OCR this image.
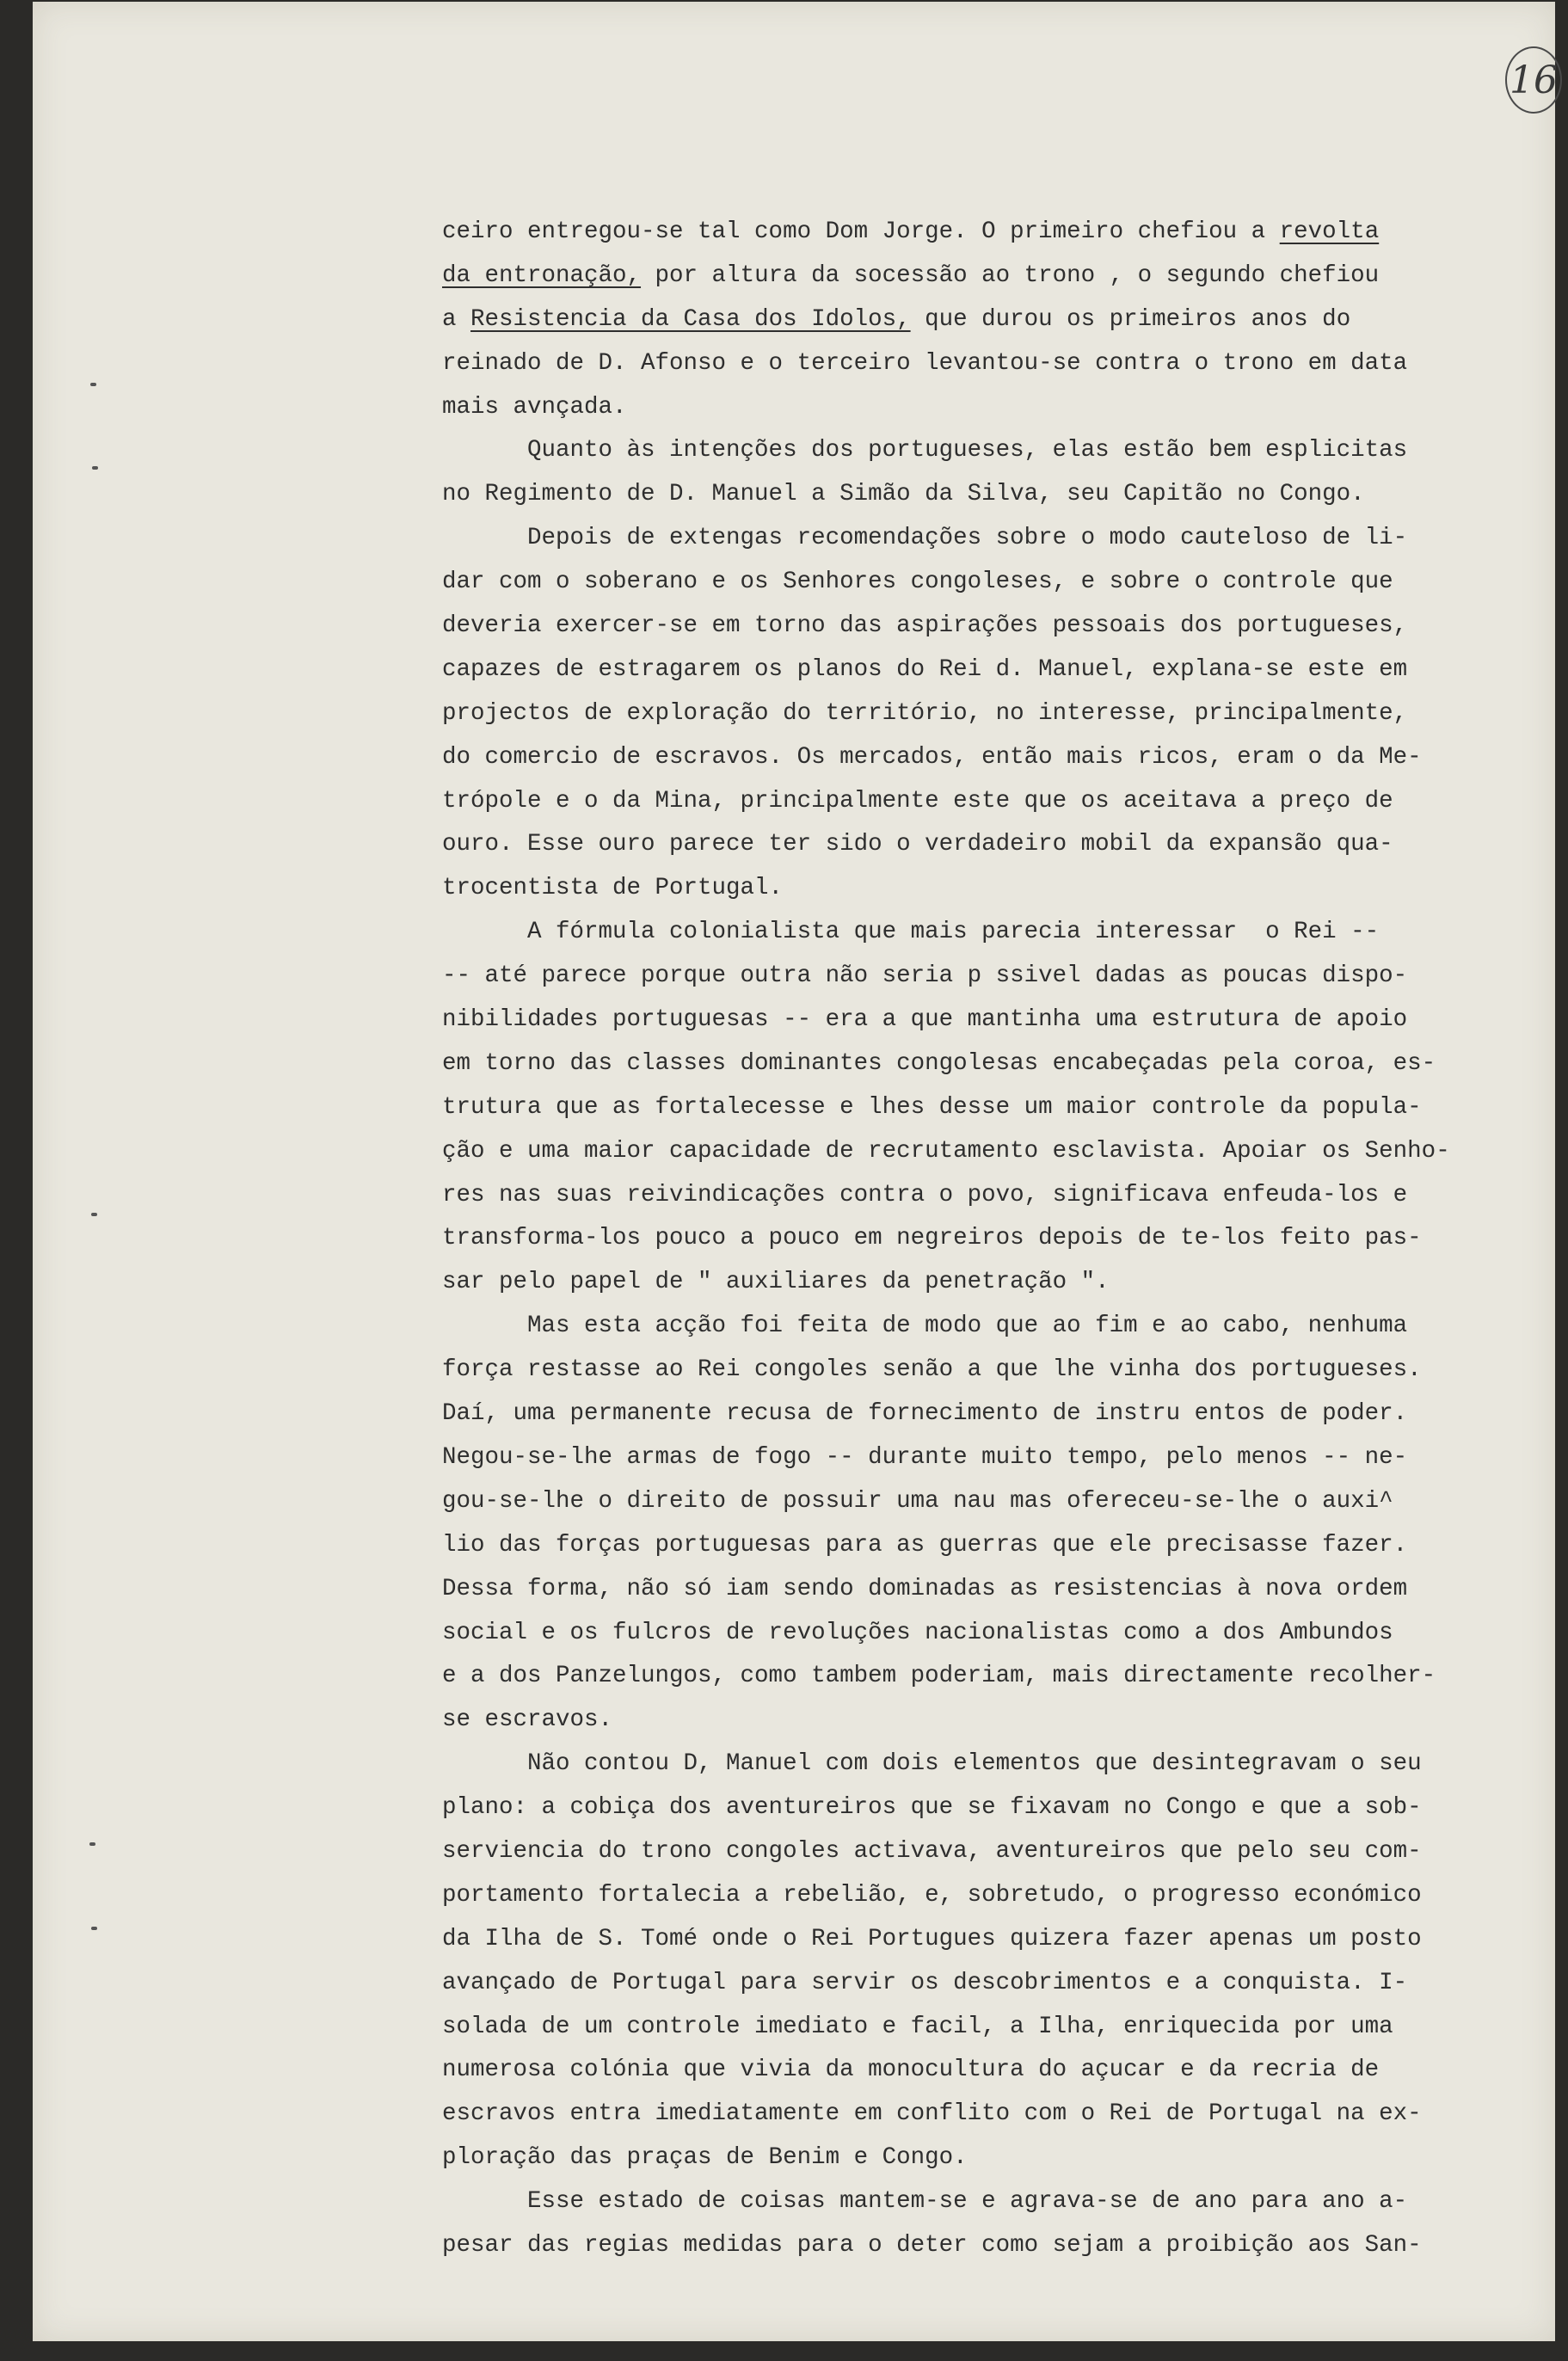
16
ceiro entregou-se tal como Dom Jorge. O primeiro chefiou a revolta
da entronação, por altura da socessão ao trono , o segundo chefiou
a Resistencia da Casa dos Idolos, que durou os primeiros anos do
reinado de D. Afonso e o terceiro levantou-se contra o trono em data
mais avnçada.
Quanto às intenções dos portugueses, elas estão bem esplicitas
no Regimento de D. Manuel a Simão da Silva, seu Capitão no Congo.
Depois de extengas recomendações sobre o modo cauteloso de li-
dar com o soberano e os Senhores congoleses, e sobre o controle que
deveria exercer-se em torno das aspirações pessoais dos portugueses,
capazes de estragarem os planos do Rei d. Manuel, explana-se este em
projectos de exploração do território, no interesse, principalmente,
do comercio de escravos. Os mercados, então mais ricos, eram o da Me-
trópole e o da Mina, principalmente este que os aceitava a preço de
ouro. Esse ouro parece ter sido o verdadeiro mobil da expansão qua-
trocentista de Portugal.
A fórmula colonialista que mais parecia interessar  o Rei --
-- até parece porque outra não seria p ssivel dadas as poucas dispo-
nibilidades portuguesas -- era a que mantinha uma estrutura de apoio
em torno das classes dominantes congolesas encabeçadas pela coroa, es-
trutura que as fortalecesse e lhes desse um maior controle da popula-
ção e uma maior capacidade de recrutamento esclavista. Apoiar os Senho-
res nas suas reivindicações contra o povo, significava enfeuda-los e
transforma-los pouco a pouco em negreiros depois de te-los feito pas-
sar pelo papel de " auxiliares da penetração ".
Mas esta acção foi feita de modo que ao fim e ao cabo, nenhuma
força restasse ao Rei congoles senão a que lhe vinha dos portugueses.
Daí, uma permanente recusa de fornecimento de instru entos de poder.
Negou-se-lhe armas de fogo -- durante muito tempo, pelo menos -- ne-
gou-se-lhe o direito de possuir uma nau mas ofereceu-se-lhe o auxi^
lio das forças portuguesas para as guerras que ele precisasse fazer.
Dessa forma, não só iam sendo dominadas as resistencias à nova ordem
social e os fulcros de revoluções nacionalistas como a dos Ambundos
e a dos Panzelungos, como tambem poderiam, mais directamente recolher-
se escravos.
Não contou D, Manuel com dois elementos que desintegravam o seu
plano: a cobiça dos aventureiros que se fixavam no Congo e que a sob-
serviencia do trono congoles activava, aventureiros que pelo seu com-
portamento fortalecia a rebelião, e, sobretudo, o progresso económico
da Ilha de S. Tomé onde o Rei Portugues quizera fazer apenas um posto
avançado de Portugal para servir os descobrimentos e a conquista. I-
solada de um controle imediato e facil, a Ilha, enriquecida por uma
numerosa colónia que vivia da monocultura do açucar e da recria de
escravos entra imediatamente em conflito com o Rei de Portugal na ex-
ploração das praças de Benim e Congo.
Esse estado de coisas mantem-se e agrava-se de ano para ano a-
pesar das regias medidas para o deter como sejam a proibição aos San-
